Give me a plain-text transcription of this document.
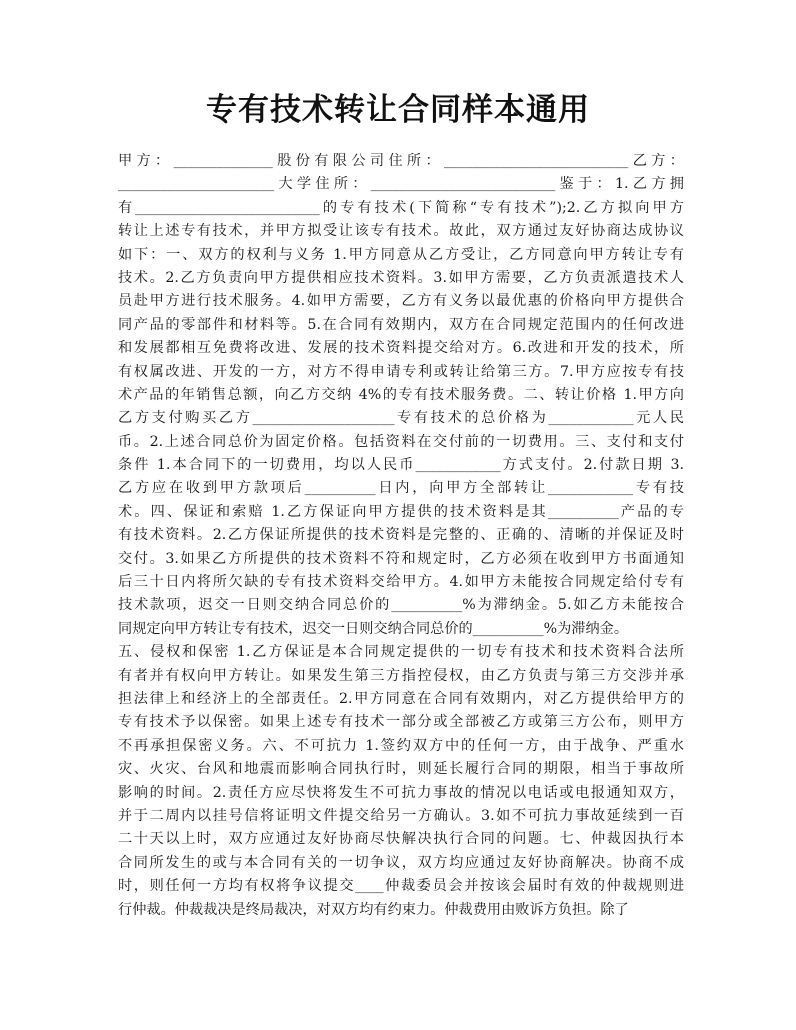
专有技术转让合同样本通用
甲方：______________股份有限公司住所：__________________________乙方：
______________________大学住所：__________________________鉴于：1.乙方拥
有__________________________的专有技术(下简称“专有技术”);2.乙方拟向甲方
转让上述专有技术，并甲方拟受让该专有技术。故此，双方通过友好协商达成协议
如下：一、双方的权利与义务 1.甲方同意从乙方受让，乙方同意向甲方转让专有
技术。2.乙方负责向甲方提供相应技术资料。3.如甲方需要，乙方负责派遣技术人
员赴甲方进行技术服务。4.如甲方需要，乙方有义务以最优惠的价格向甲方提供合
同产品的零部件和材料等。5.在合同有效期内，双方在合同规定范围内的任何改进
和发展都相互免费将改进、发展的技术资料提交给对方。6.改进和开发的技术，所
有权属改进、开发的一方，对方不得申请专利或转让给第三方。7.甲方应按专有技
术产品的年销售总额，向乙方交纳 4%的专有技术服务费。二、转让价格 1.甲方向
乙方支付购买乙方____________________专有技术的总价格为____________元人民
币。2.上述合同总价为固定价格。包括资料在交付前的一切费用。三、支付和支付
条件 1.本合同下的一切费用，均以人民币____________方式支付。2.付款日期 3.
乙方应在收到甲方款项后__________日内，向甲方全部转让____________专有技
术。四、保证和索赔 1.乙方保证向甲方提供的技术资料是其__________产品的专
有技术资料。2.乙方保证所提供的技术资料是完整的、正确的、清晰的并保证及时
交付。3.如果乙方所提供的技术资料不符和规定时，乙方必须在收到甲方书面通知
后三十日内将所欠缺的专有技术资料交给甲方。4.如甲方未能按合同规定给付专有
技术款项，迟交一日则交纳合同总价的__________%为滞纳金。5.如乙方未能按合
同规定向甲方转让专有技术，迟交一日则交纳合同总价的__________%为滞纳金。
五、侵权和保密 1.乙方保证是本合同规定提供的一切专有技术和技术资料合法所
有者并有权向甲方转让。如果发生第三方指控侵权，由乙方负责与第三方交涉并承
担法律上和经济上的全部责任。2.甲方同意在合同有效期内，对乙方提供给甲方的
专有技术予以保密。如果上述专有技术一部分或全部被乙方或第三方公布，则甲方
不再承担保密义务。六、不可抗力 1.签约双方中的任何一方，由于战争、严重水
灾、火灾、台风和地震而影响合同执行时，则延长履行合同的期限，相当于事故所
影响的时间。2.责任方应尽快将发生不可抗力事故的情况以电话或电报通知双方，
并于二周内以挂号信将证明文件提交给另一方确认。3.如不可抗力事故延续到一百
二十天以上时，双方应通过友好协商尽快解决执行合同的问题。七、仲裁因执行本
合同所发生的或与本合同有关的一切争议，双方均应通过友好协商解决。协商不成
时，则任何一方均有权将争议提交____仲裁委员会并按该会届时有效的仲裁规则进
行仲裁。仲裁裁决是终局裁决，对双方均有约束力。仲裁费用由败诉方负担。除了
